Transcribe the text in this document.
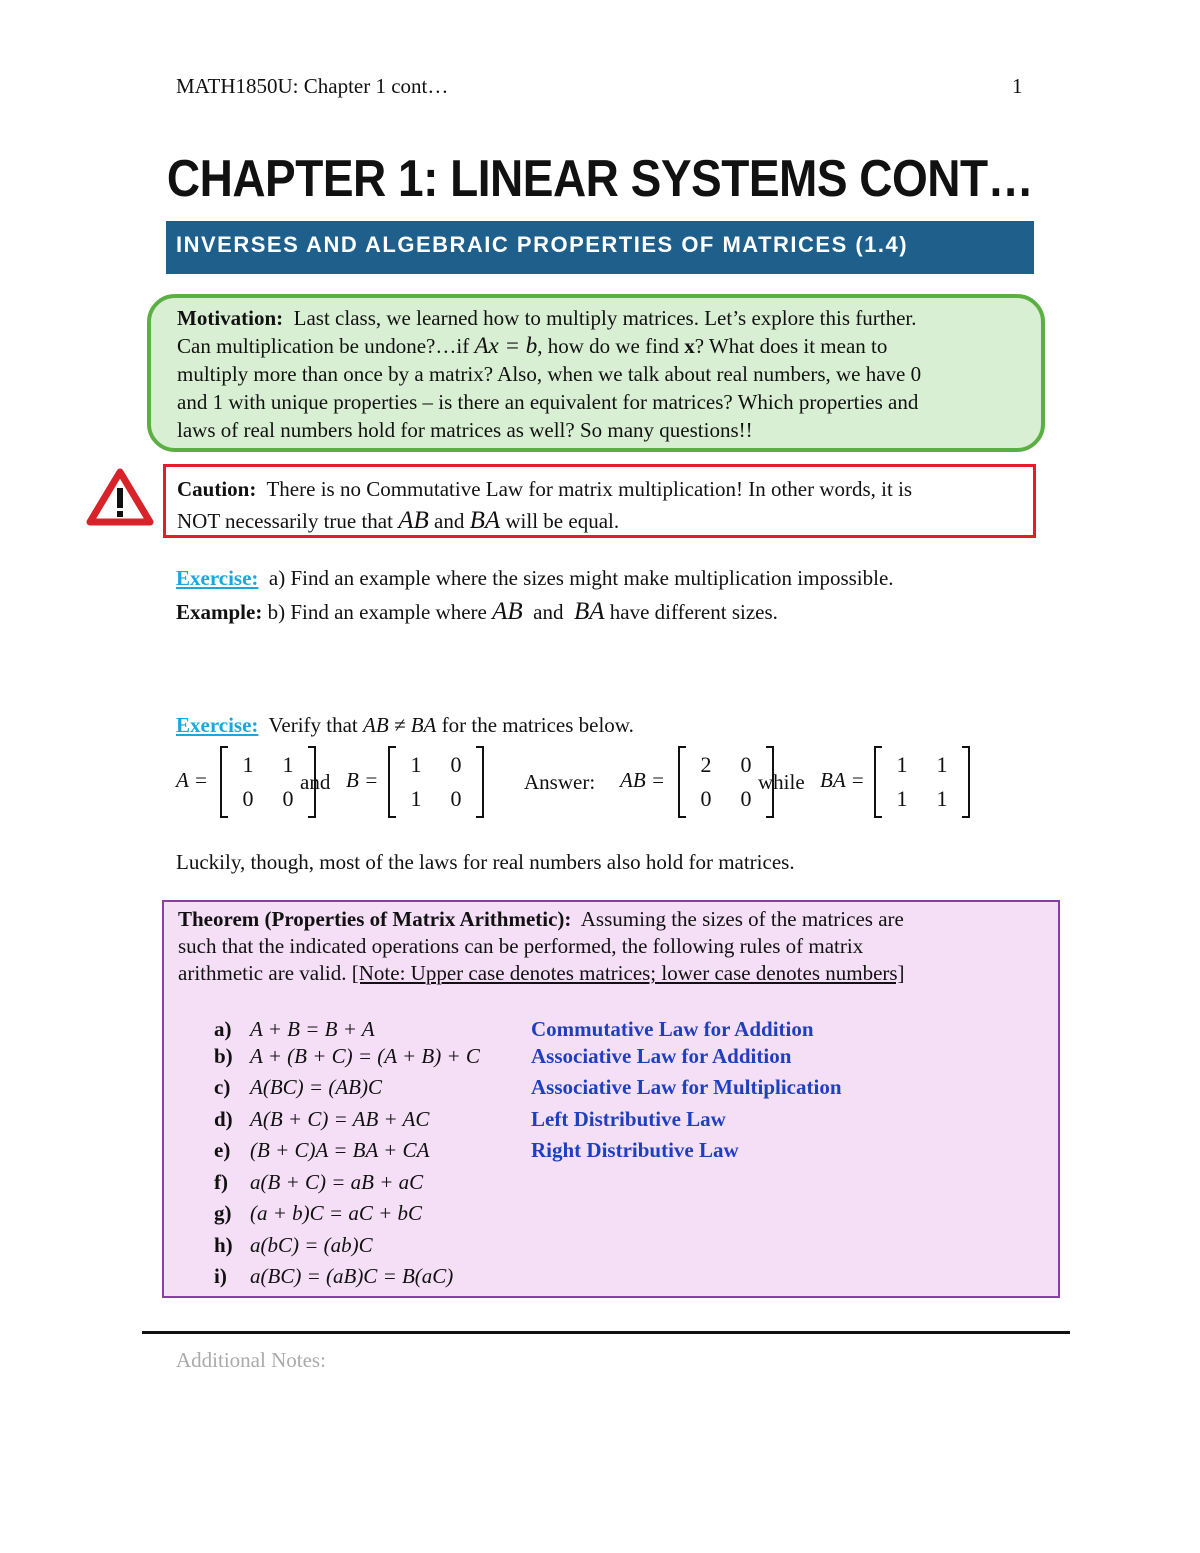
MATH1850U: Chapter 1 cont…	1
CHAPTER 1: LINEAR SYSTEMS CONT…
INVERSES AND ALGEBRAIC PROPERTIES OF MATRICES (1.4)
Motivation: Last class, we learned how to multiply matrices. Let’s explore this further.
Can multiplication be undone?…if Ax = b, how do we find x? What does it mean to
multiply more than once by a matrix? Also, when we talk about real numbers, we have 0
and 1 with unique properties – is there an equivalent for matrices? Which properties and
laws of real numbers hold for matrices as well? So many questions!!
Caution: There is no Commutative Law for matrix multiplication! In other words, it is
NOT necessarily true that AB and BA will be equal.
Exercise: a) Find an example where the sizes might make multiplication impossible.
Example: b) Find an example where AB and BA have different sizes.
Exercise: Verify that AB ≠ BA for the matrices below.
A =
1	1
0	0
and B =
1	0
1	0
Answer: AB =
2	0
0	0
while BA =
1	1
1	1
Luckily, though, most of the laws for real numbers also hold for matrices.
Theorem (Properties of Matrix Arithmetic): Assuming the sizes of the matrices are
such that the indicated operations can be performed, the following rules of matrix
arithmetic are valid. [Note: Upper case denotes matrices; lower case denotes numbers]
a) A + B = B + A	Commutative Law for Addition
b) A + (B + C) = (A + B) + C Associative Law for Addition
c) A(BC) = (AB)C	Associative Law for Multiplication
d) A(B + C) = AB + AC	Left Distributive Law
e) (B + C)A = BA + CA	Right Distributive Law
f) a(B + C) = aB + aC
g) (a + b)C = aC + bC
h) a(bC) = (ab)C
i) a(BC) = (aB)C = B(aC)
Additional Notes:
